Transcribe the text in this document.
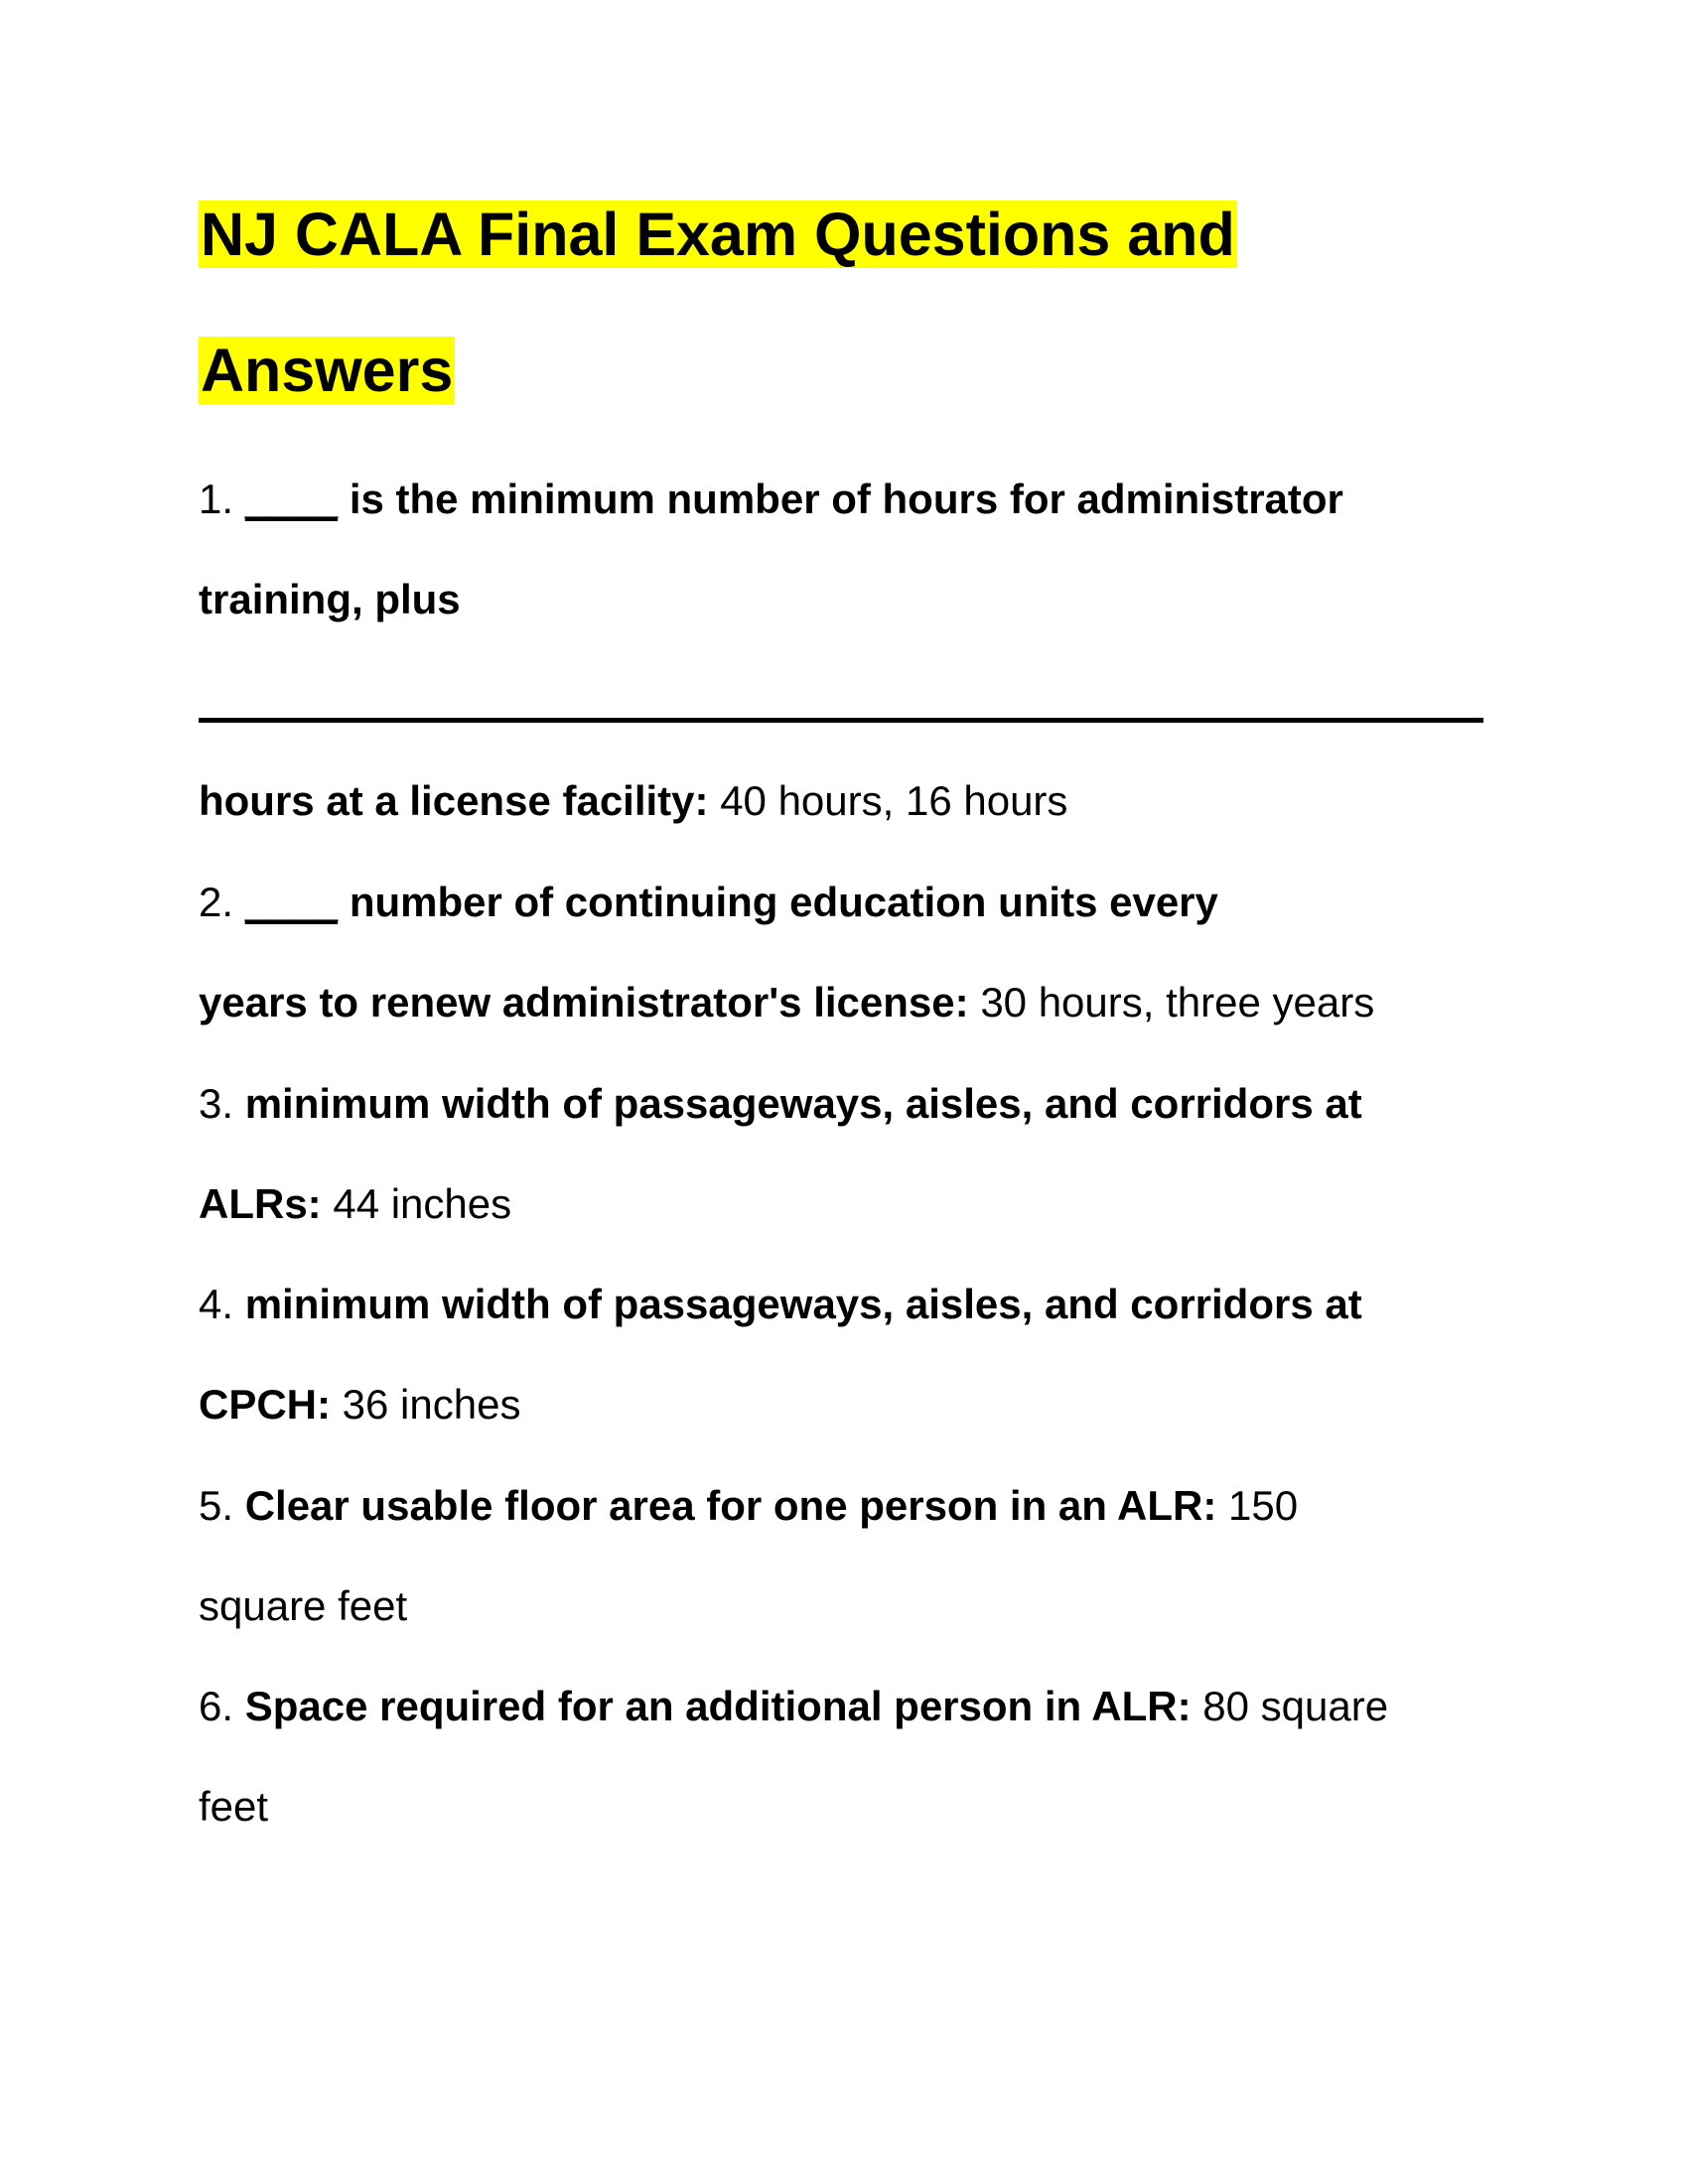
NJ CALA Final Exam Questions and
Answers
1. ____ is the minimum number of hours for administrator
training, plus
hours at a license facility: 40 hours, 16 hours
2. ____ number of continuing education units every
years to renew administrator's license: 30 hours, three years
3. minimum width of passageways, aisles, and corridors at
ALRs: 44 inches
4. minimum width of passageways, aisles, and corridors at
CPCH: 36 inches
5. Clear usable floor area for one person in an ALR: 150
square feet
6. Space required for an additional person in ALR: 80 square
feet
